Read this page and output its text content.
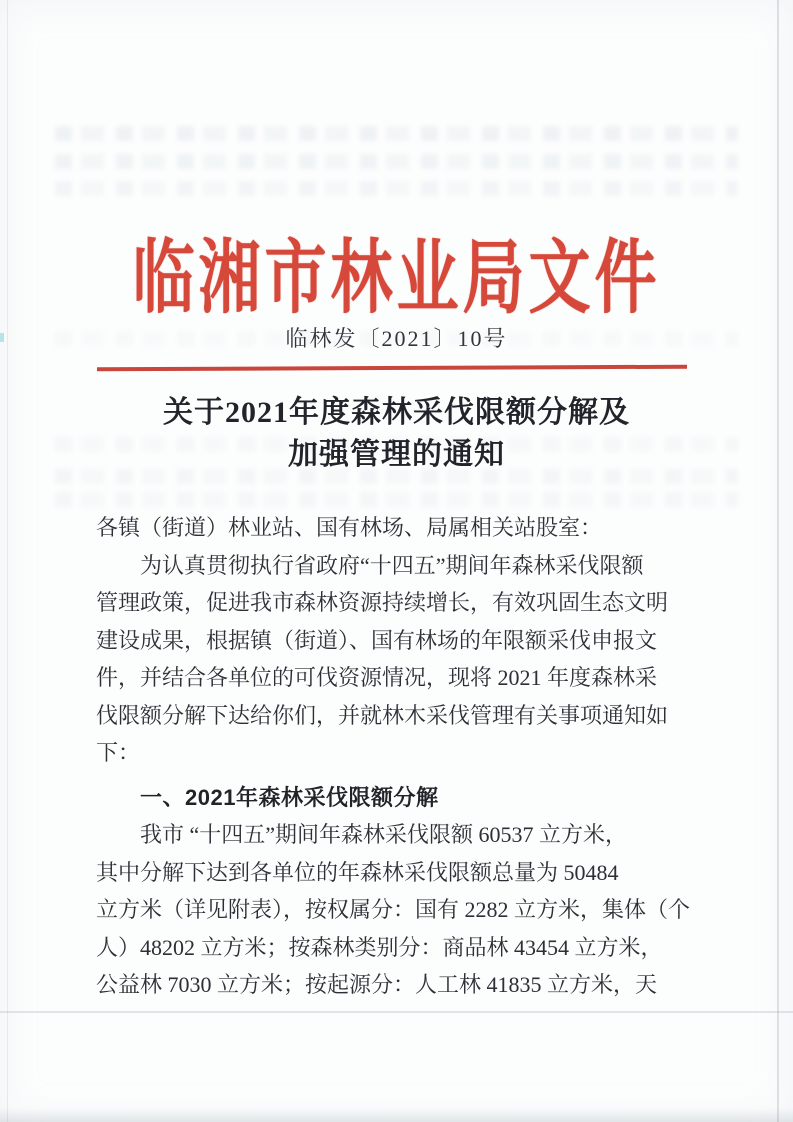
临湘市林业局文件
临林发〔2021〕10号
关于2021年度森林采伐限额分解及
加强管理的通知
各镇（街道）林业站、国有林场、局属相关站股室：
为认真贯彻执行省政府“十四五”期间年森林采伐限额
管理政策，促进我市森林资源持续增长，有效巩固生态文明
建设成果，根据镇（街道）、国有林场的年限额采伐申报文
件，并结合各单位的可伐资源情况，现将 2021 年度森林采
伐限额分解下达给你们，并就林木采伐管理有关事项通知如
下：
一、2021年森林采伐限额分解
我市 “十四五”期间年森林采伐限额 60537 立方米，
其中分解下达到各单位的年森林采伐限额总量为 50484
立方米（详见附表），按权属分：国有 2282 立方米，集体（个
人）48202 立方米；按森林类别分：商品林 43454 立方米，
公益林 7030 立方米；按起源分：人工林 41835 立方米，天
